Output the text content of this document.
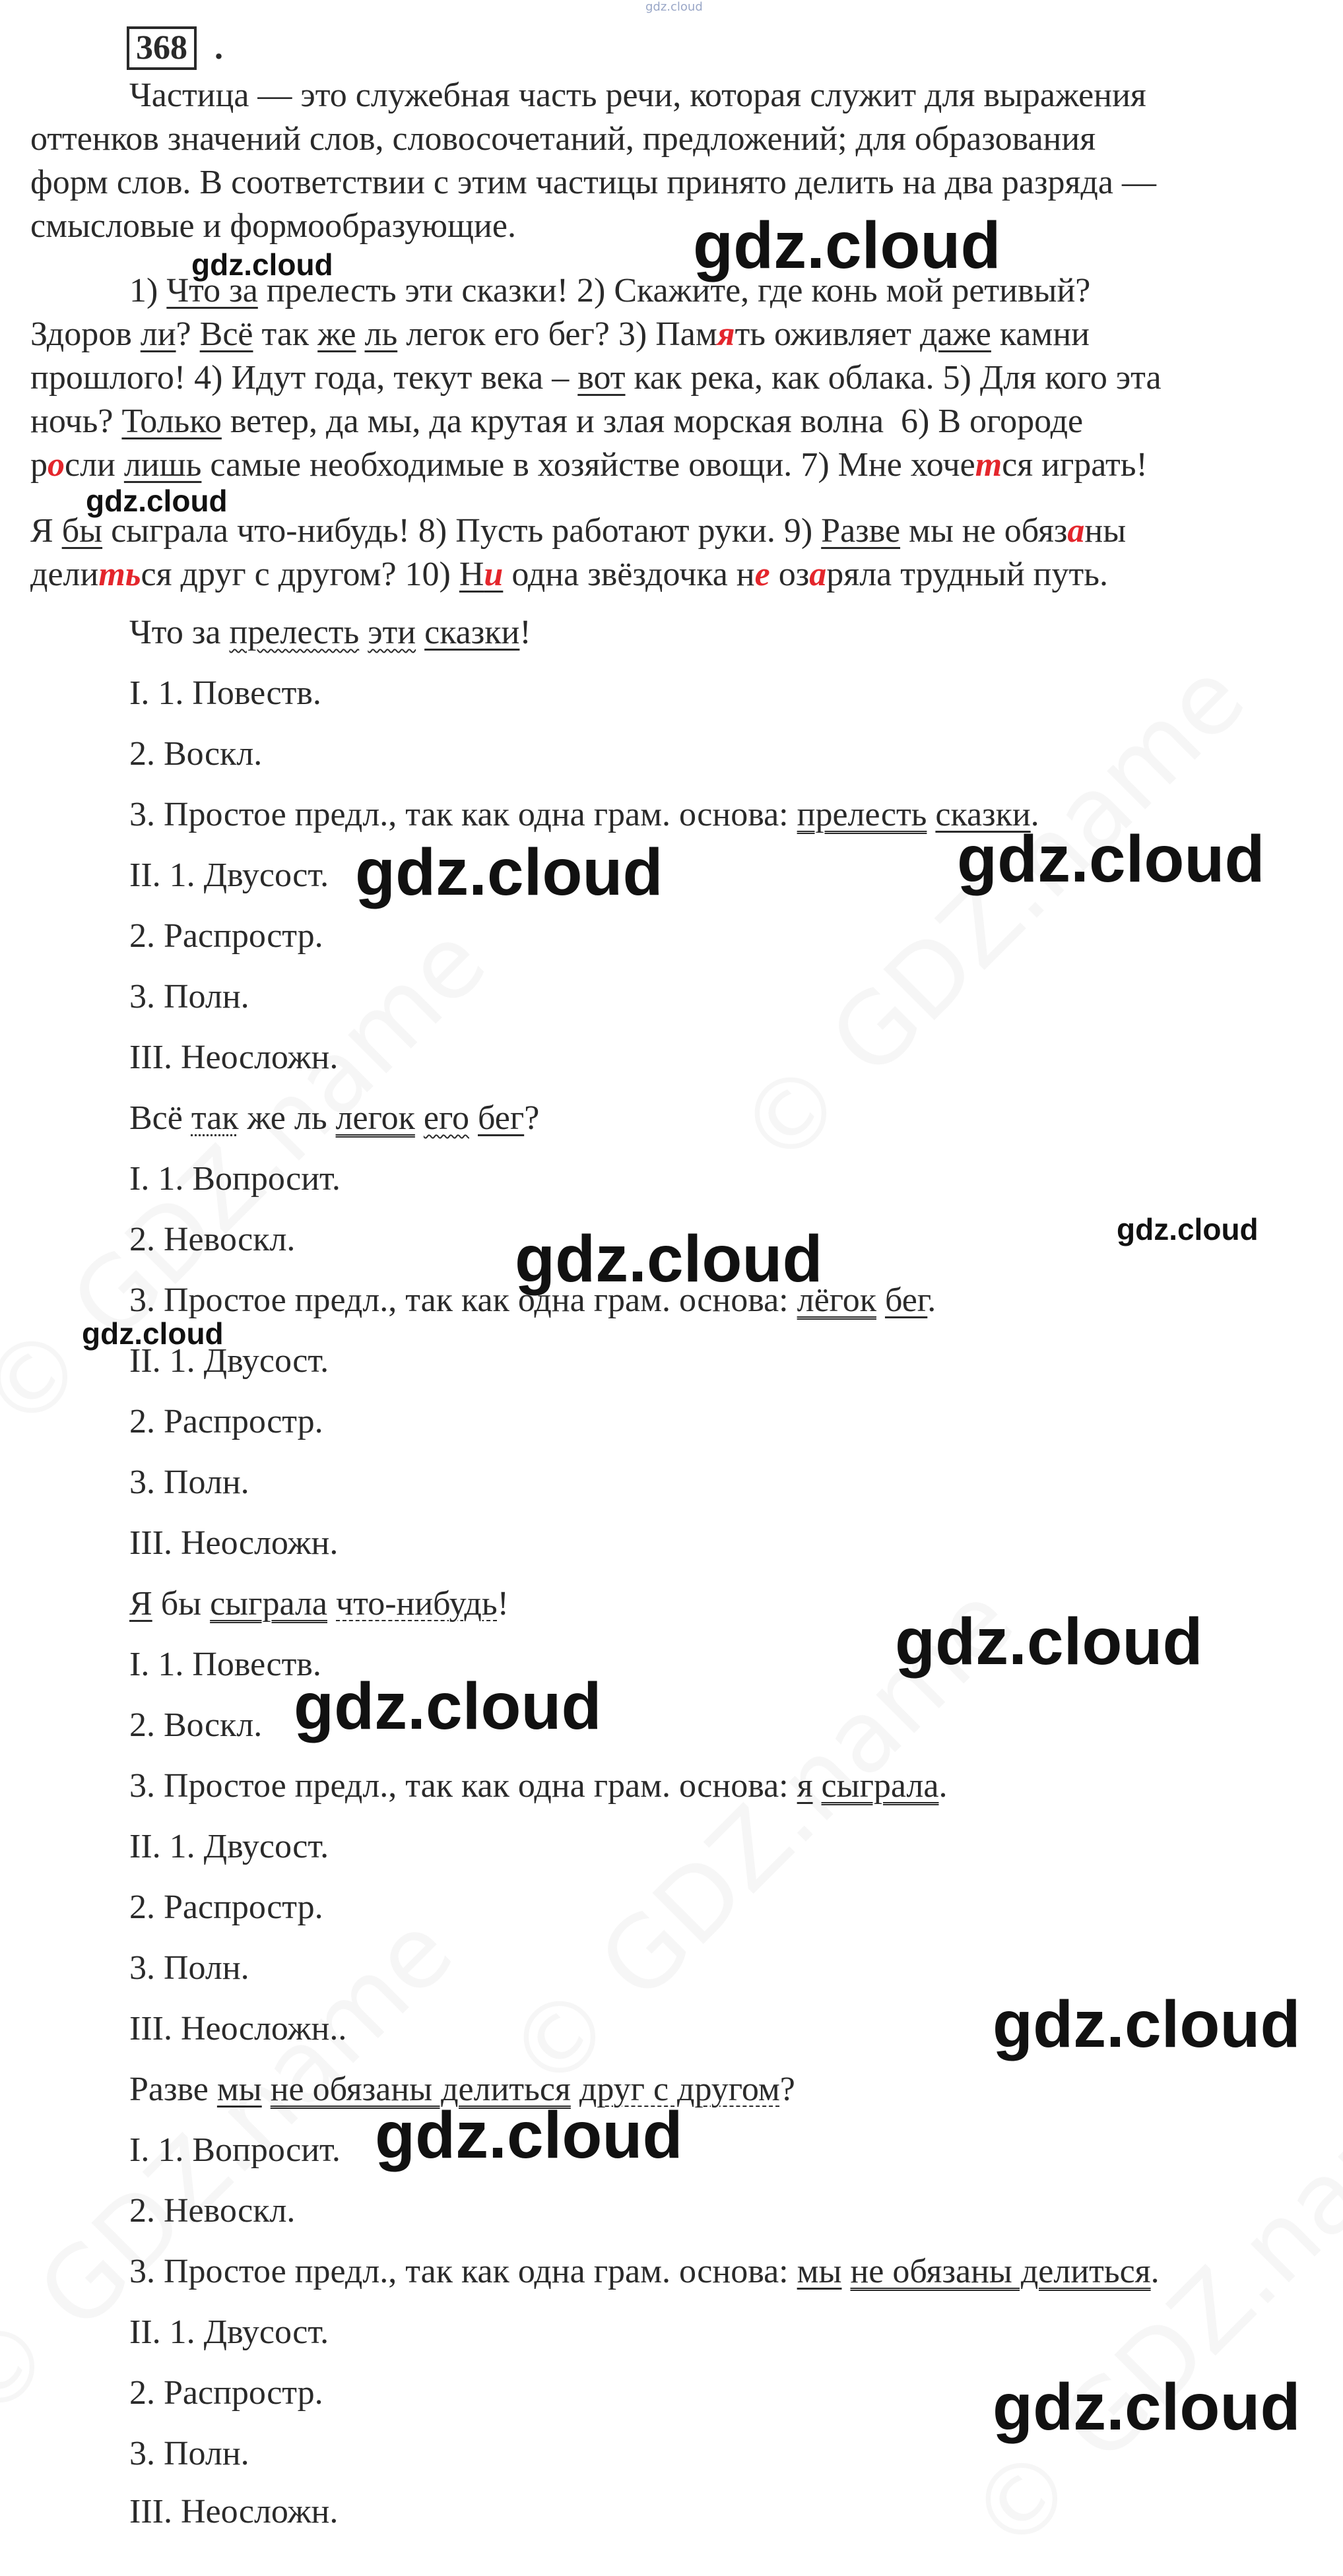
gdz.cloud
368 .
Частица — это служебная часть речи, которая служит для выражения
оттенков значений слов, словосочетаний, предложений; для образования
форм слов. В соответствии с этим частицы принято делить на два разряда —
смысловые и формообразующие.
1) Что за прелесть эти сказки! 2) Скажите, где конь мой ретивый?
Здоров ли? Всё так же ль легок его бег? 3) Память оживляет даже камни
прошлого! 4) Идут года, текут века – вот как река, как облака. 5) Для кого эта
ночь? Только ветер, да мы, да крутая и злая морская волна 6) В огороде
росли лишь самые необходимые в хозяйстве овощи. 7) Мне хочется играть!
Я бы сыграла что-нибудь! 8) Пусть работают руки. 9) Разве мы не обязаны
делиться друг с другом? 10) Ни одна звёздочка не озаряла трудный путь.
Что за прелесть эти сказки!
I. 1. Повеств.
2. Воскл.
3. Простое предл., так как одна грам. основа: прелесть сказки.
II. 1. Двусост.
2. Распростр.
3. Полн.
III. Неосложн.
Всё так же ль легок его бег?
I. 1. Вопросит.
2. Невоскл.
3. Простое предл., так как одна грам. основа: лёгок бег.
II. 1. Двусост.
2. Распростр.
3. Полн.
III. Неосложн.
Я бы сыграла что-нибудь!
I. 1. Повеств.
2. Воскл.
3. Простое предл., так как одна грам. основа: я сыграла.
II. 1. Двусост.
2. Распростр.
3. Полн.
III. Неосложн..
Разве мы не обязаны делиться друг с другом?
I. 1. Вопросит.
2. Невоскл.
3. Простое предл., так как одна грам. основа: мы не обязаны делиться.
II. 1. Двусост.
2. Распростр.
3. Полн.
III. Неосложн.
gdz.cloud
gdz.cloud
gdz.cloud
gdz.cloud
gdz.cloud
gdz.cloud
gdz.cloud
gdz.cloud
gdz.cloud
gdz.cloud
gdz.cloud
gdz.cloud
gdz.cloud
